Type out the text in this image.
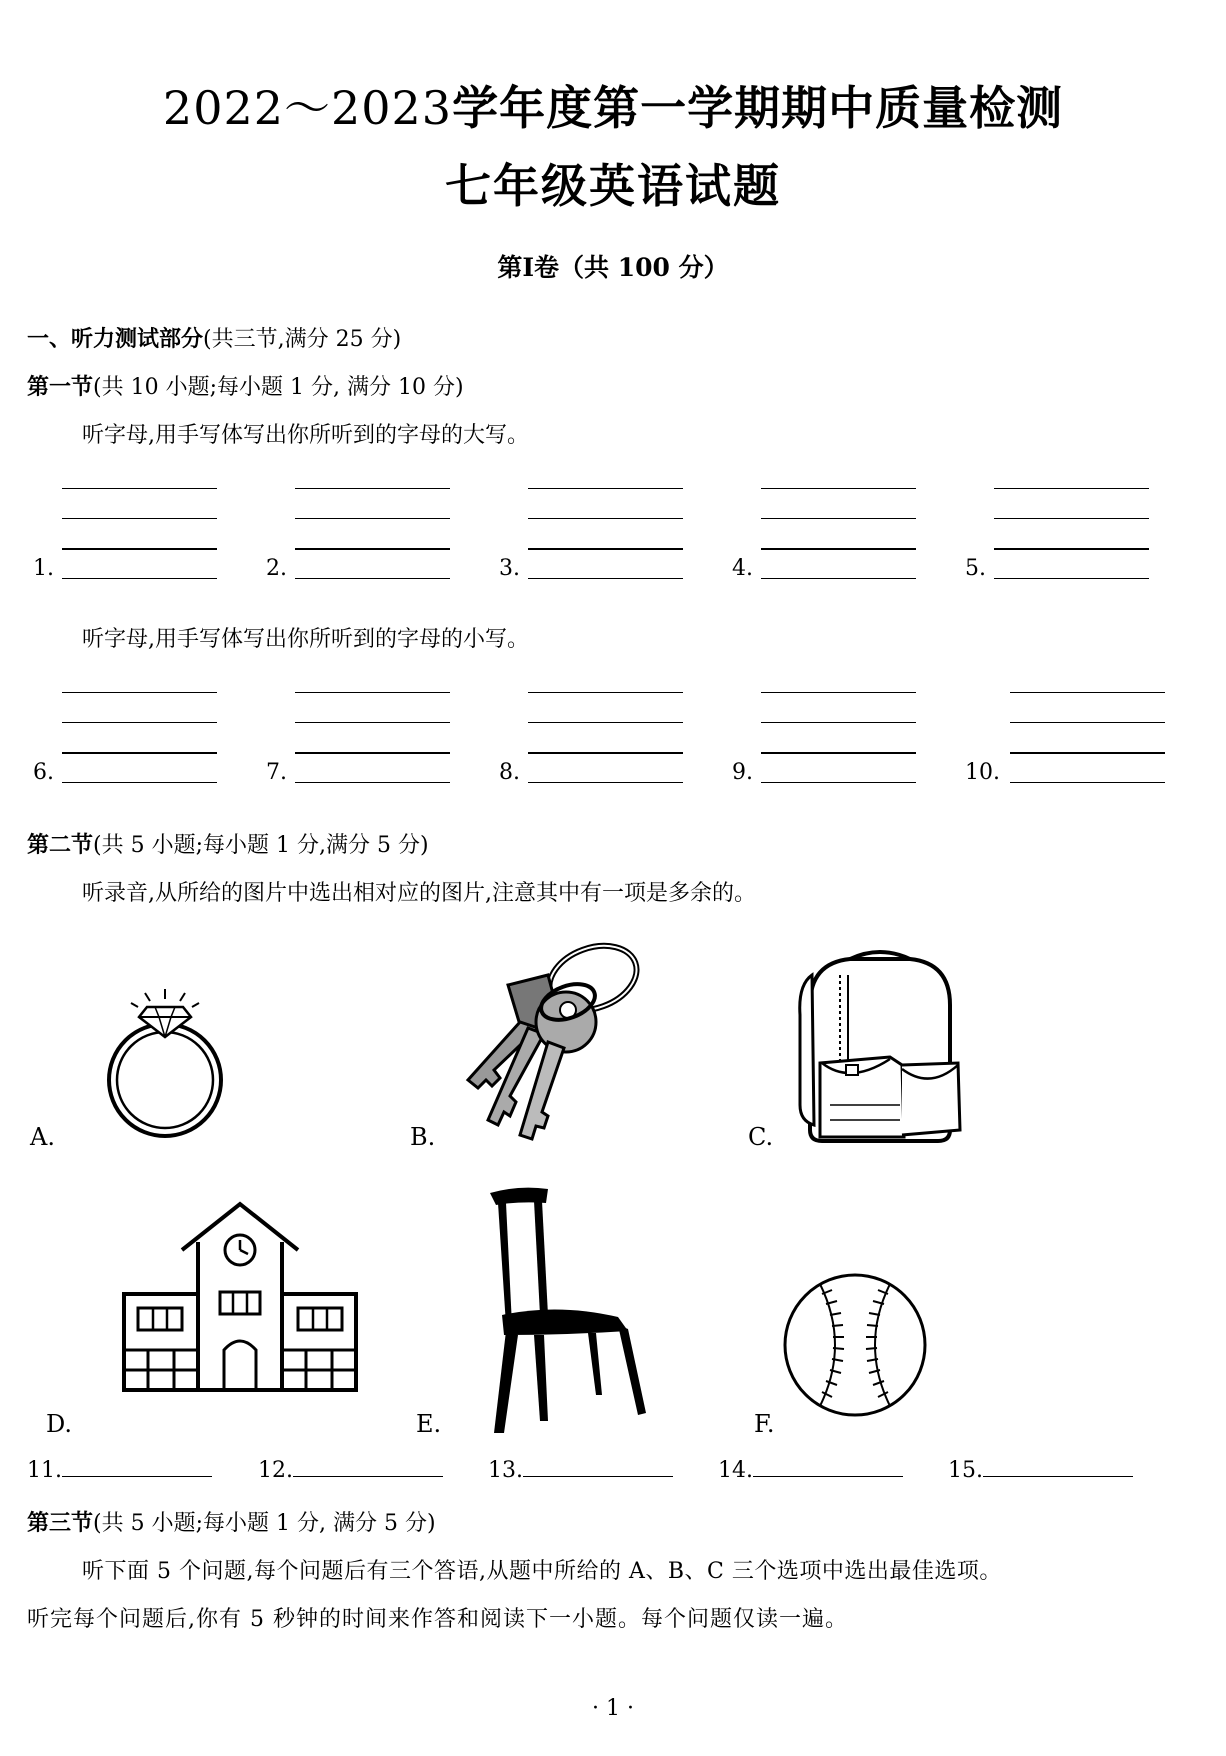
2022～2023学年度第一学期期中质量检测
七年级英语试题
第Ⅰ卷（共 100 分）
一、听力测试部分(共三节,满分 25 分)
第一节(共 10 小题;每小题 1 分, 满分 10 分)
听字母,用手写体写出你所听到的字母的大写。
1.	2.	3.	4.	5.
听字母,用手写体写出你所听到的字母的小写。
6.	7.	8.	9.	10.
第二节(共 5 小题;每小题 1 分,满分 5 分)
听录音,从所给的图片中选出相对应的图片,注意其中有一项是多余的。
A.	B.	C.
D.	E.	F.
11.	12.	13.	14.	15.
第三节(共 5 小题;每小题 1 分, 满分 5 分)
听下面 5 个问题,每个问题后有三个答语,从题中所给的 A、B、C 三个选项中选出最佳选项。
听完每个问题后,你有 5 秒钟的时间来作答和阅读下一小题。每个问题仅读一遍。
· 1 ·
